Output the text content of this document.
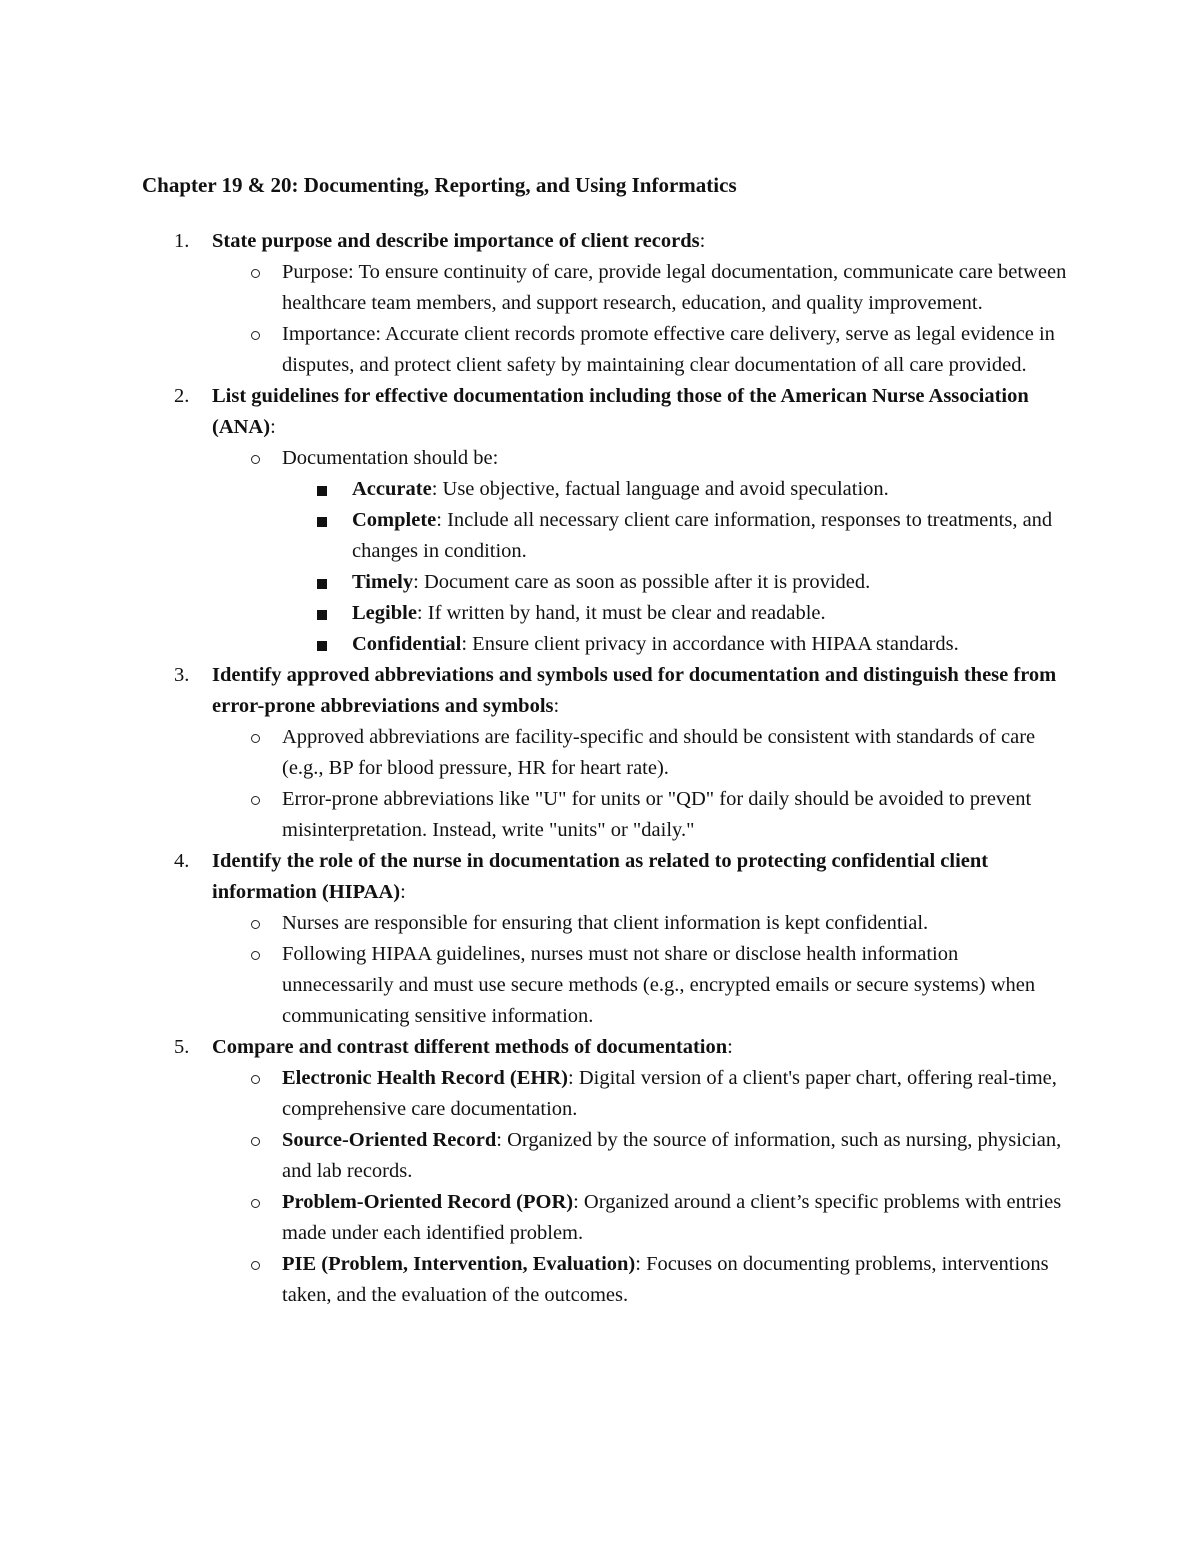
Chapter 19 & 20: Documenting, Reporting, and Using Informatics
1.	State purpose and describe importance of client records:
Purpose: To ensure continuity of care, provide legal documentation, communicate care between healthcare team members, and support research, education, and quality improvement.
Importance: Accurate client records promote effective care delivery, serve as legal evidence in disputes, and protect client safety by maintaining clear documentation of all care provided.
2.	List guidelines for effective documentation including those of the American Nurse Association (ANA):
Documentation should be:
Accurate: Use objective, factual language and avoid speculation.
Complete: Include all necessary client care information, responses to treatments, and changes in condition.
Timely: Document care as soon as possible after it is provided.
Legible: If written by hand, it must be clear and readable.
Confidential: Ensure client privacy in accordance with HIPAA standards.
3.	Identify approved abbreviations and symbols used for documentation and distinguish these from error-prone abbreviations and symbols:
Approved abbreviations are facility-specific and should be consistent with standards of care (e.g., BP for blood pressure, HR for heart rate).
Error-prone abbreviations like "U" for units or "QD" for daily should be avoided to prevent misinterpretation. Instead, write "units" or "daily."
4.	Identify the role of the nurse in documentation as related to protecting confidential client information (HIPAA):
Nurses are responsible for ensuring that client information is kept confidential.
Following HIPAA guidelines, nurses must not share or disclose health information unnecessarily and must use secure methods (e.g., encrypted emails or secure systems) when communicating sensitive information.
5.	Compare and contrast different methods of documentation:
Electronic Health Record (EHR): Digital version of a client's paper chart, offering real-time, comprehensive care documentation.
Source-Oriented Record: Organized by the source of information, such as nursing, physician, and lab records.
Problem-Oriented Record (POR): Organized around a client’s specific problems with entries made under each identified problem.
PIE (Problem, Intervention, Evaluation): Focuses on documenting problems, interventions taken, and the evaluation of the outcomes.
